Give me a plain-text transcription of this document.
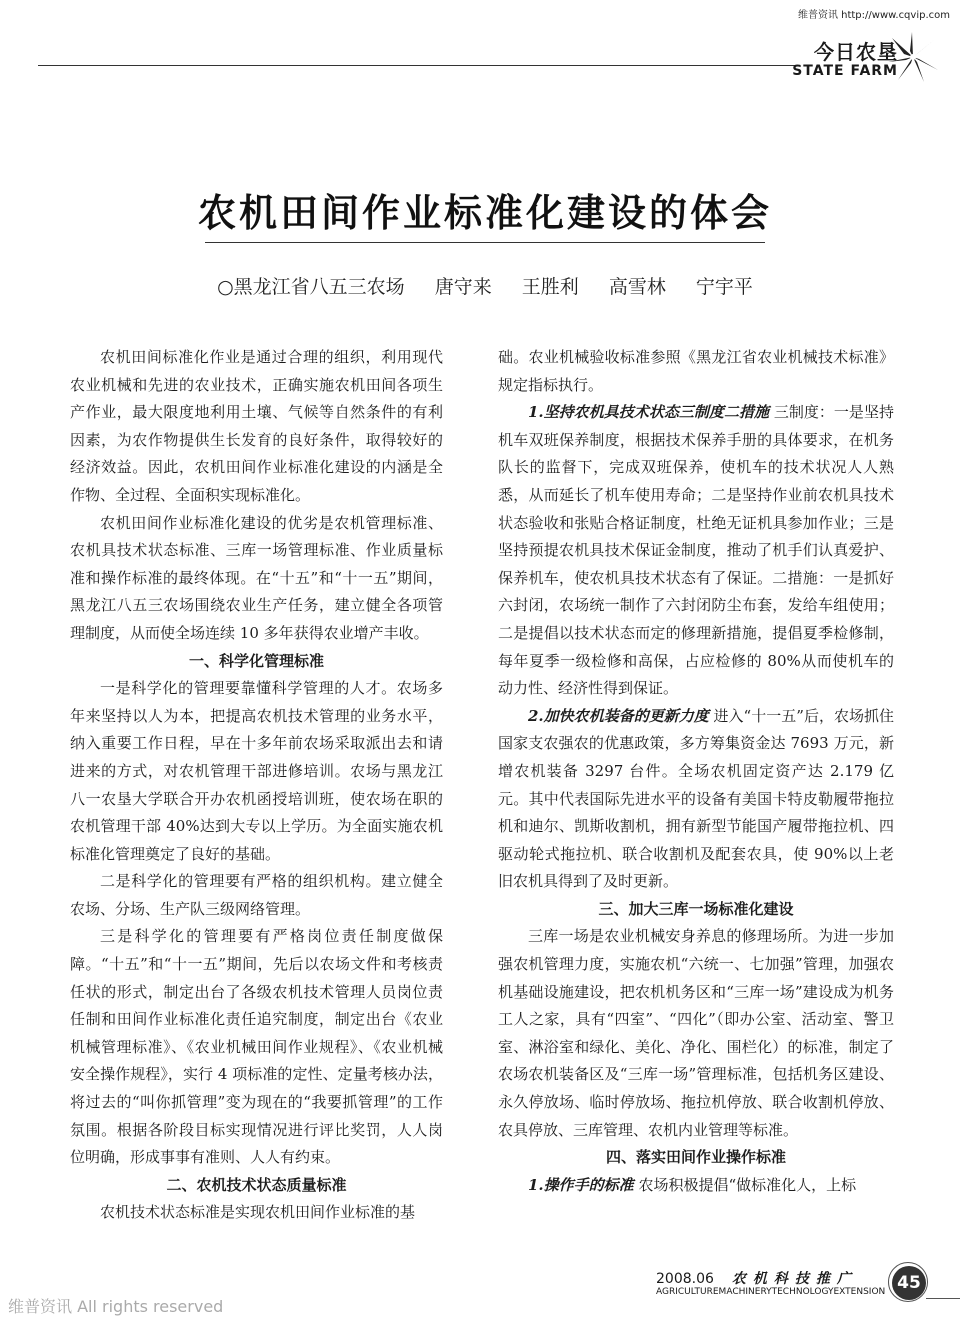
维普资讯 http://www.cqvip.com
今日农垦
STATE FARM
农机田间作业标准化建设的体会
○黑龙江省八五三农场 唐守来 王胜利 高雪林 宁宇平

农机田间标准化作业是通过合理的组织，利用现代农业机械和先进的农业技术，正确实施农机田间各项生产作业，最大限度地利用土壤、气候等自然条件的有利因素，为农作物提供生长发育的良好条件，取得较好的经济效益。因此，农机田间作业标准化建设的内涵是全作物、全过程、全面积实现标准化。

农机田间作业标准化建设的优劣是农机管理标准、农机具技术状态标准、三库一场管理标准、作业质量标准和操作标准的最终体现。在“十五”和“十一五”期间，黑龙江八五三农场围绕农业生产任务，建立健全各项管理制度，从而使全场连续 10 多年获得农业增产丰收。

一、科学化管理标准

一是科学化的管理要靠懂科学管理的人才。农场多年来坚持以人为本，把提高农机技术管理的业务水平，纳入重要工作日程，早在十多年前农场采取派出去和请进来的方式，对农机管理干部进修培训。农场与黑龙江八一农垦大学联合开办农机函授培训班，使农场在职的农机管理干部 40%达到大专以上学历。为全面实施农机标准化管理奠定了良好的基础。

二是科学化的管理要有严格的组织机构。建立健全农场、分场、生产队三级网络管理。

三是科学化的管理要有严格岗位责任制度做保障。“十五”和“十一五”期间，先后以农场文件和考核责任状的形式，制定出台了各级农机技术管理人员岗位责任制和田间作业标准化责任追究制度，制定出台《农业机械管理标准》、《农业机械田间作业规程》、《农业机械安全操作规程》，实行 4 项标准的定性、定量考核办法，将过去的“叫你抓管理”变为现在的“我要抓管理”的工作氛围。根据各阶段目标实现情况进行评比奖罚，人人岗位明确，形成事事有准则、人人有约束。

二、农机技术状态质量标准

农机技术状态标准是实现农机田间作业标准的基

础。农业机械验收标准参照《黑龙江省农业机械技术标准》规定指标执行。

1.坚持农机具技术状态三制度二措施 三制度：一是坚持机车双班保养制度，根据技术保养手册的具体要求，在机务队长的监督下，完成双班保养，使机车的技术状况人人熟悉，从而延长了机车使用寿命；二是坚持作业前农机具技术状态验收和张贴合格证制度，杜绝无证机具参加作业；三是坚持预提农机具技术保证金制度，推动了机手们认真爱护、保养机车，使农机具技术状态有了保证。二措施：一是抓好六封闭，农场统一制作了六封闭防尘布套，发给车组使用；二是提倡以技术状态而定的修理新措施，提倡夏季检修制，每年夏季一级检修和高保，占应检修的 80%从而使机车的动力性、经济性得到保证。

2.加快农机装备的更新力度 进入“十一五”后，农场抓住国家支农强农的优惠政策，多方筹集资金达 7693 万元，新增农机装备 3297 台件。全场农机固定资产达 2.179 亿元。其中代表国际先进水平的设备有美国卡特皮勒履带拖拉机和迪尔、凯斯收割机，拥有新型节能国产履带拖拉机、四驱动轮式拖拉机、联合收割机及配套农具，使 90%以上老旧农机具得到了及时更新。

三、加大三库一场标准化建设

三库一场是农业机械安身养息的修理场所。为进一步加强农机管理力度，实施农机“六统一、七加强”管理，加强农机基础设施建设，把农机机务区和“三库一场”建设成为机务工人之家，具有“四室”、“四化”（即办公室、活动室、警卫室、淋浴室和绿化、美化、净化、围栏化）的标准，制定了农场农机装备区及“三库一场”管理标准，包括机务区建设、永久停放场、临时停放场、拖拉机停放、联合收割机停放、农具停放、三库管理、农机内业管理等标准。

四、落实田间作业操作标准

1.操作手的标准 农场积极提倡“做标准化人，上标

2008.06 农机科技推广
AGRICULTUREMACHINERYTECHNOLOGYEXTENSION 45
维普资讯 All rights reserved
